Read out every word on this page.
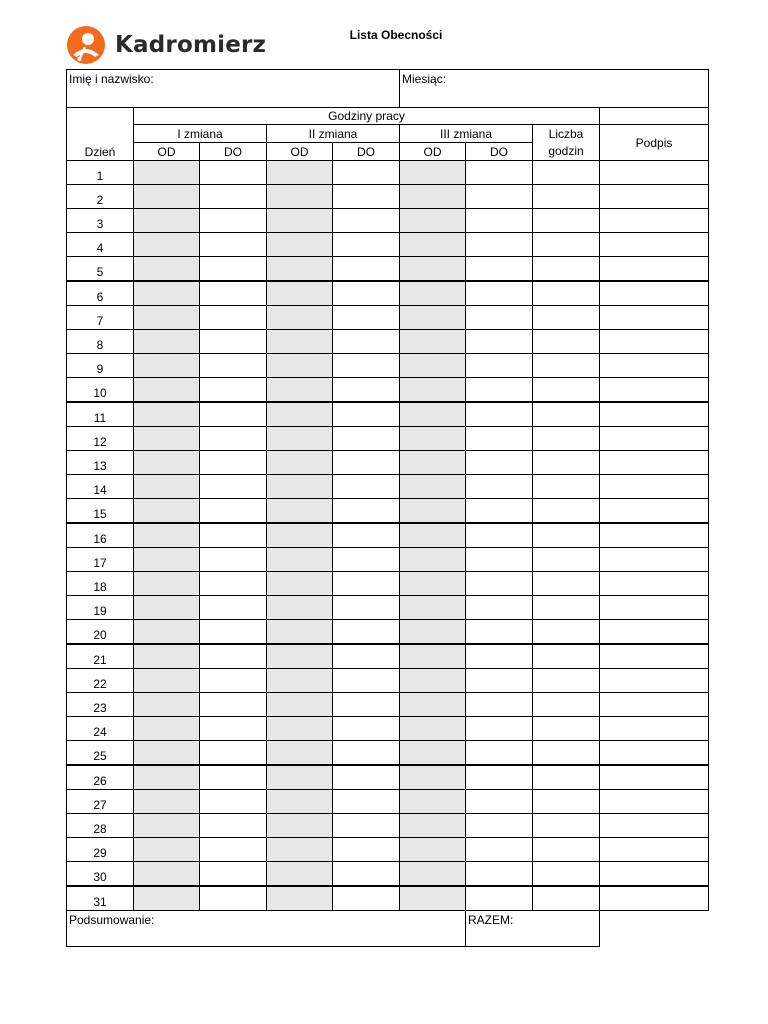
Kadromierz	Lista Obecności
Imię i nazwisko:					Miesiąc:			
Dzień	Godziny pracy							
	I zmiana		II zmiana		III zmiana		Liczba	Podpis
	OD	DO	OD	DO	OD	DO	godzin	
1								
2								
3								
4								
5								
6								
7								
8								
9								
10								
11								
12								
13								
14								
15								
16								
17								
18								
19								
20								
21								
22								
23								
24								
25								
26								
27								
28								
29								
30								
31								
Podsumowanie:						RAZEM:		
